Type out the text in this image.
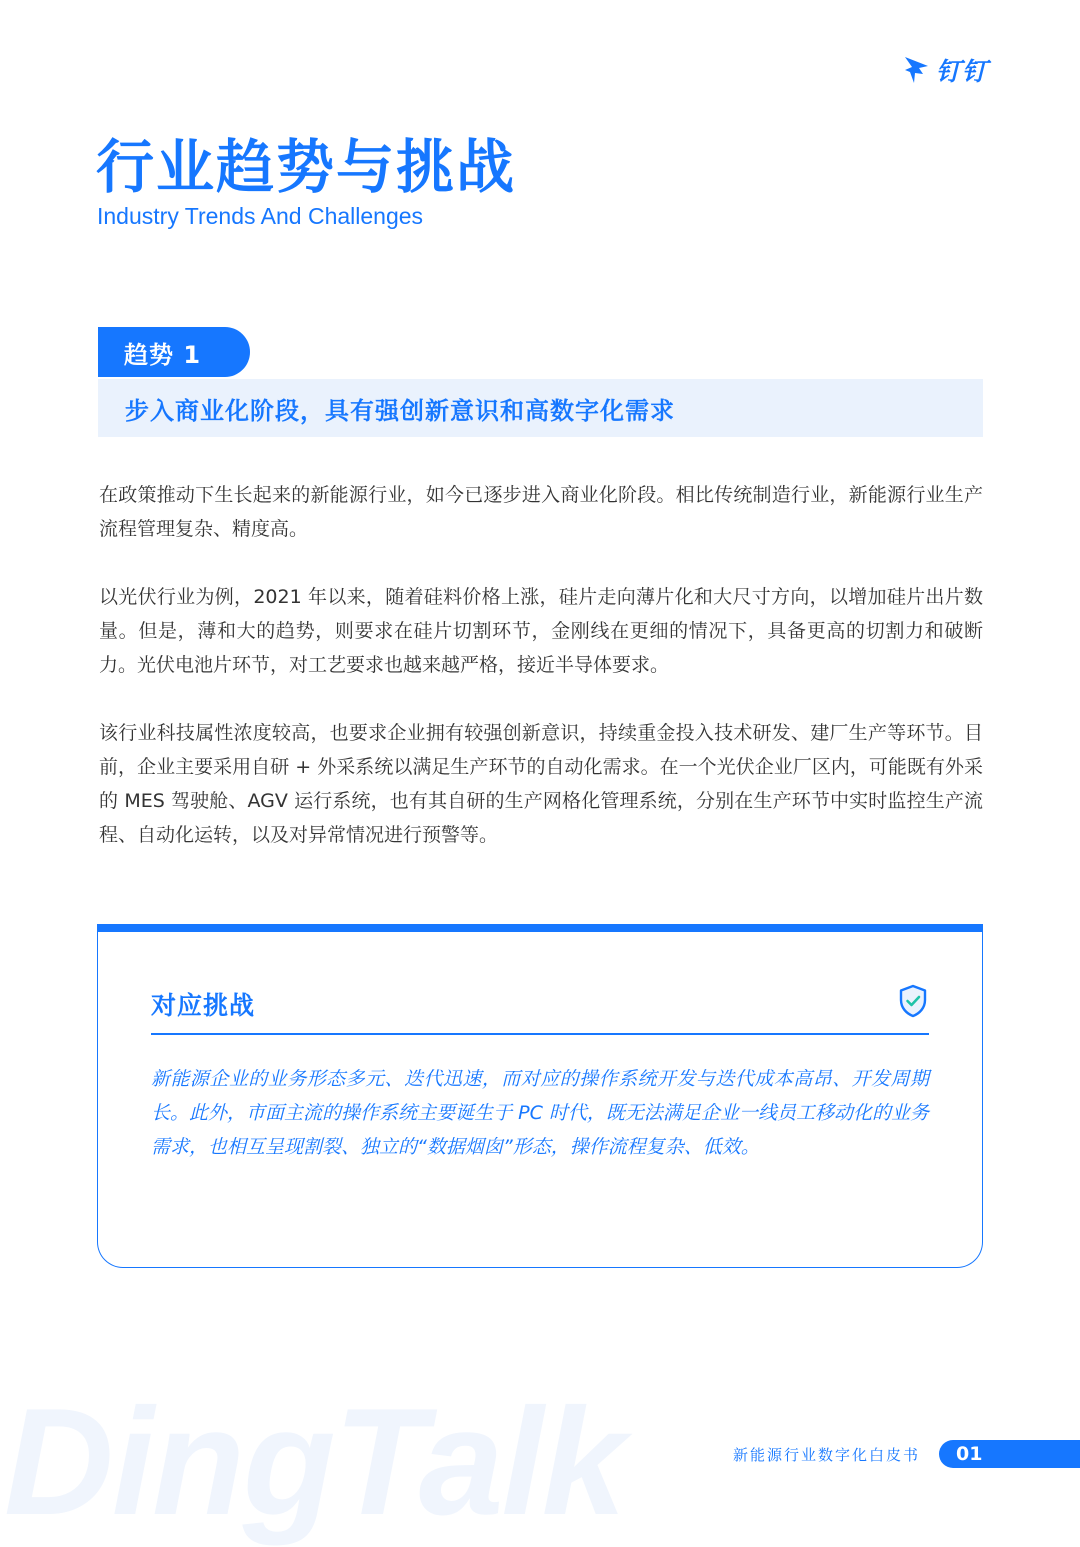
钉钉
行业趋势与挑战
Industry Trends And Challenges
趋势 1
步入商业化阶段，具有强创新意识和高数字化需求

在政策推动下生长起来的新能源行业，如今已逐步进入商业化阶段。相比传统制造行业，新能源行业生产流程管理复杂、精度高。

以光伏行业为例，2021 年以来，随着硅料价格上涨，硅片走向薄片化和大尺寸方向，以增加硅片出片数量。但是，薄和大的趋势，则要求在硅片切割环节，金刚线在更细的情况下，具备更高的切割力和破断力。光伏电池片环节，对工艺要求也越来越严格，接近半导体要求。

该行业科技属性浓度较高，也要求企业拥有较强创新意识，持续重金投入技术研发、建厂生产等环节。目前，企业主要采用自研 + 外采系统以满足生产环节的自动化需求。在一个光伏企业厂区内，可能既有外采的 MES 驾驶舱、AGV 运行系统，也有其自研的生产网格化管理系统，分别在生产环节中实时监控生产流程、自动化运转，以及对异常情况进行预警等。

对应挑战

新能源企业的业务形态多元、迭代迅速，而对应的操作系统开发与迭代成本高昂、开发周期长。此外，市面主流的操作系统主要诞生于 PC 时代，既无法满足企业一线员工移动化的业务需求，也相互呈现割裂、独立的“数据烟囱”形态，操作流程复杂、低效。

DingTalk	新能源行业数字化白皮书	01
